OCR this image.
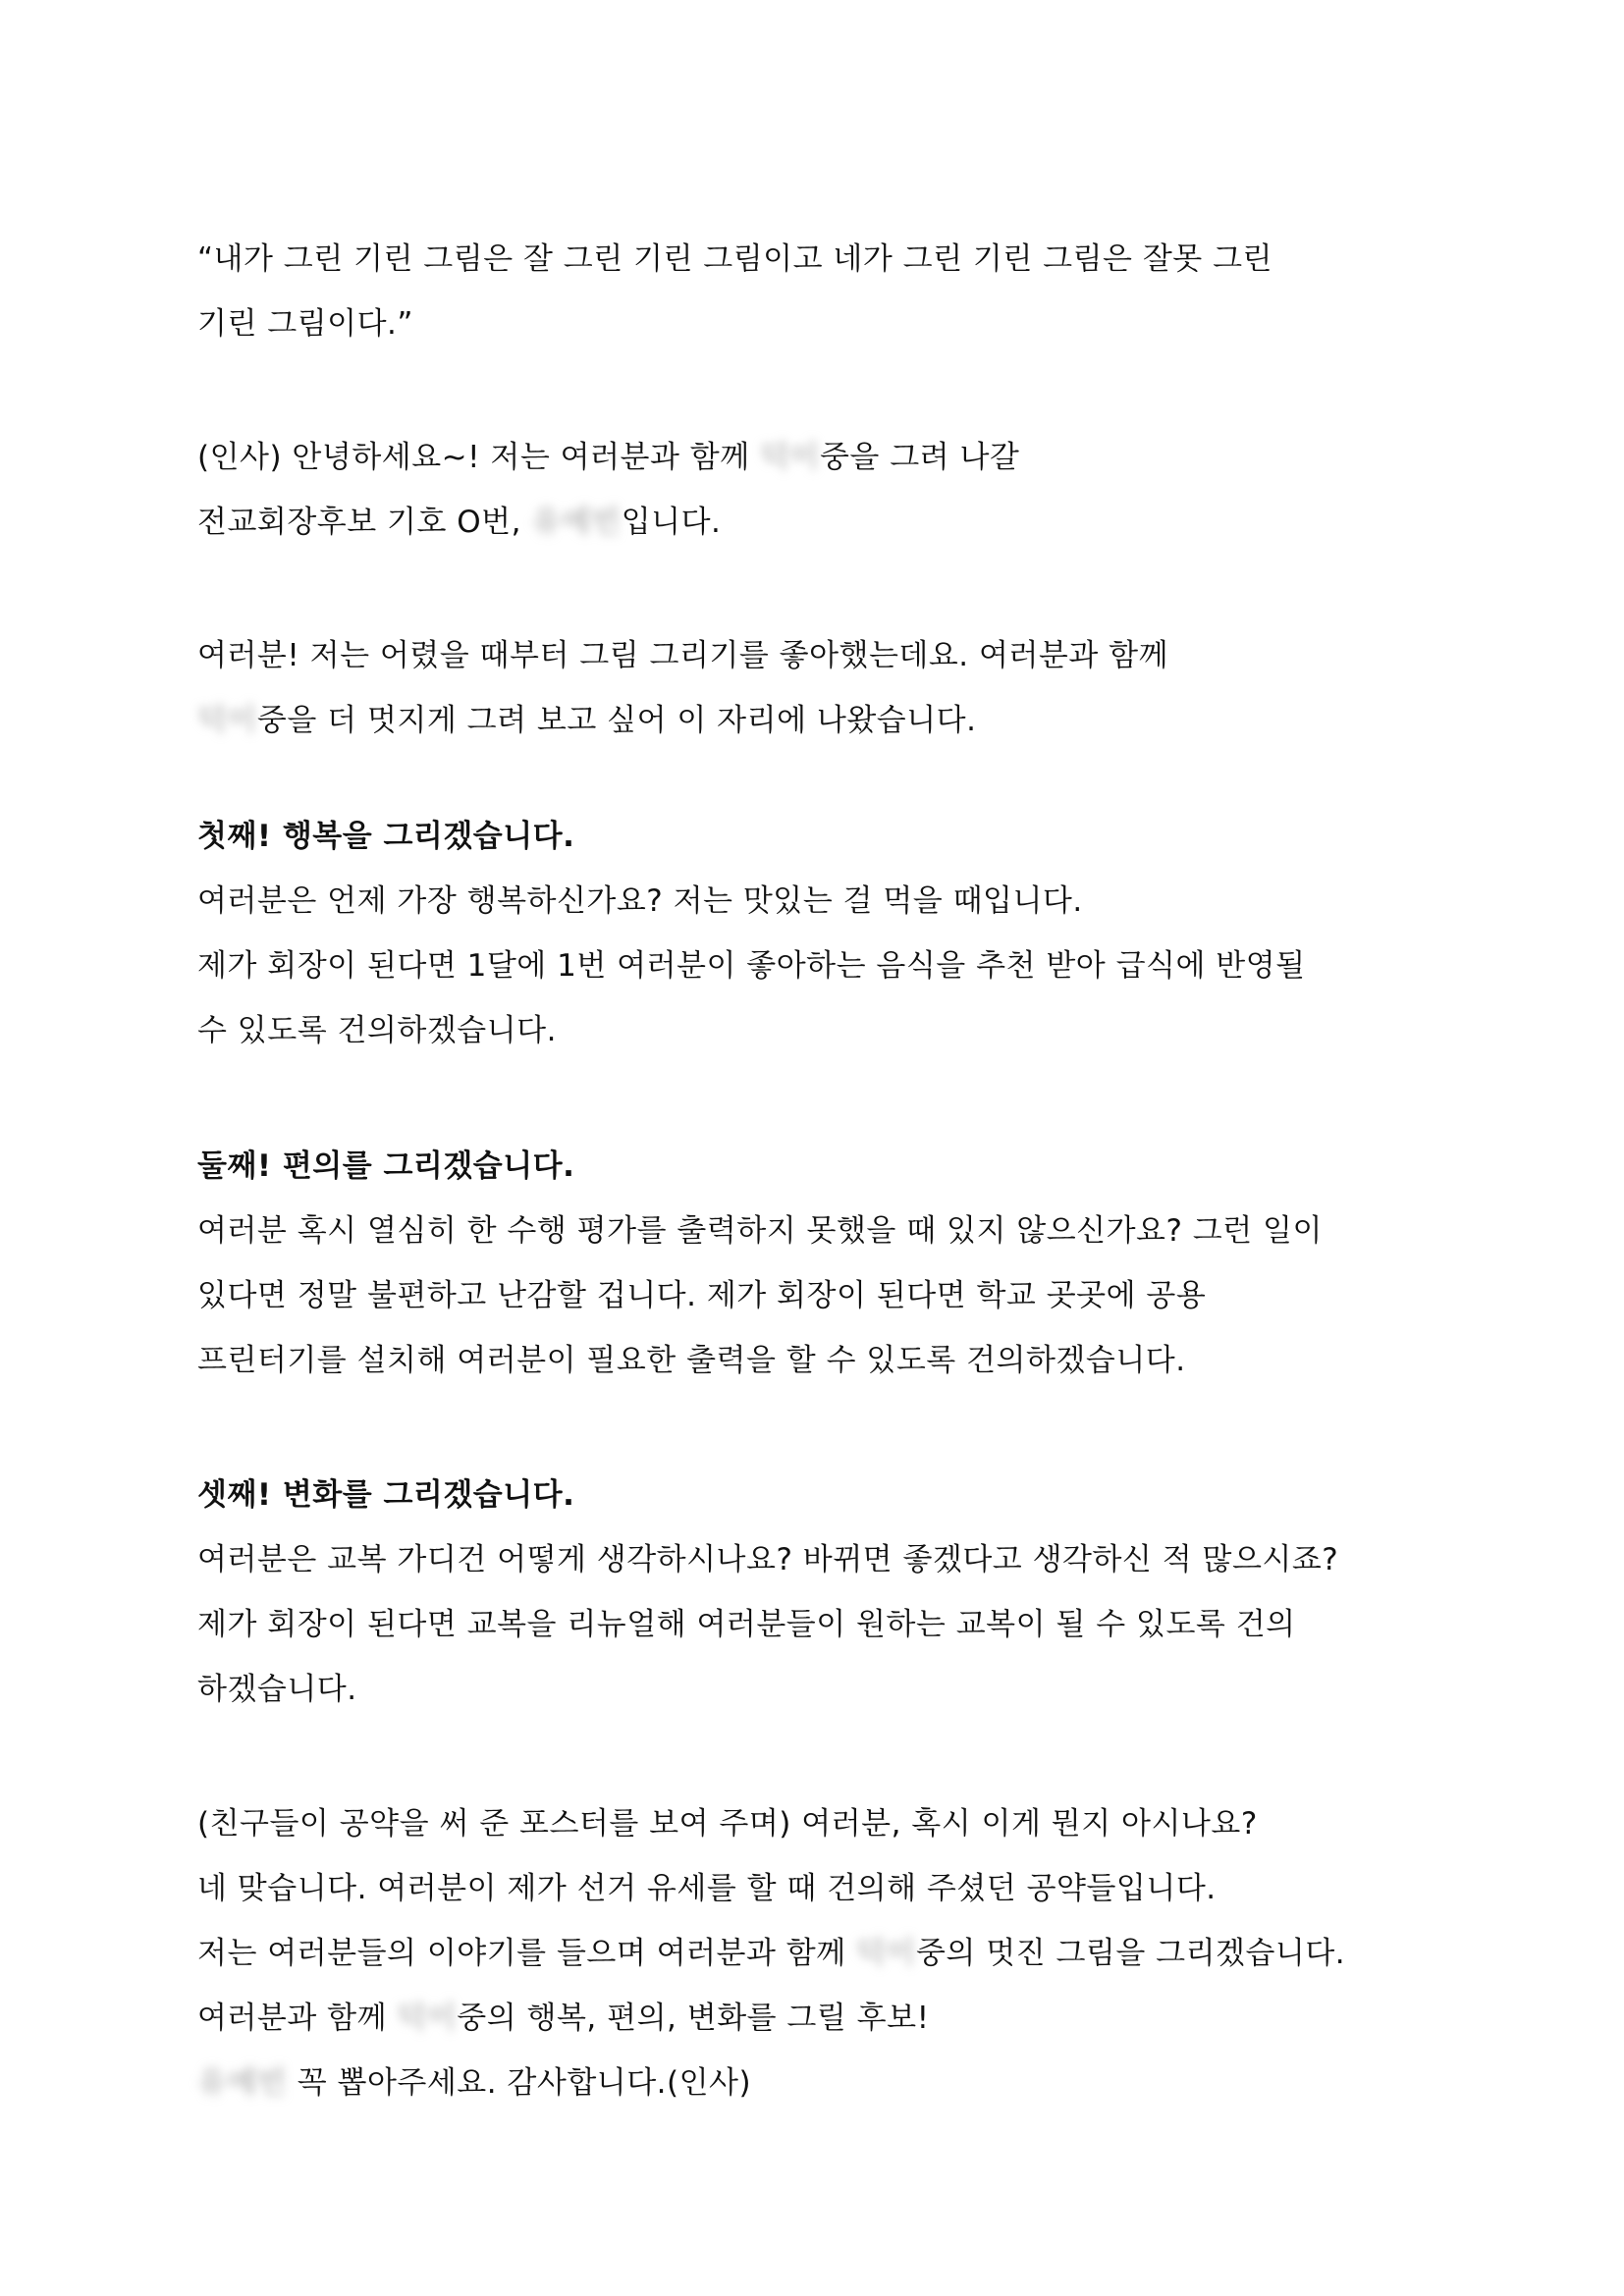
“내가 그린 기린 그림은 잘 그린 기린 그림이고 네가 그린 기린 그림은 잘못 그린

기린 그림이다.”

(인사) 안녕하세요~! 저는 여러분과 함께 덕이중을 그려 나갈

전교회장후보 기호 O번, 유예빈입니다.

여러분! 저는 어렸을 때부터 그림 그리기를 좋아했는데요. 여러분과 함께

덕이중을 더 멋지게 그려 보고 싶어 이 자리에 나왔습니다.

첫째! 행복을 그리겠습니다.

여러분은 언제 가장 행복하신가요? 저는 맛있는 걸 먹을 때입니다.

제가 회장이 된다면 1달에 1번 여러분이 좋아하는 음식을 추천 받아 급식에 반영될

수 있도록 건의하겠습니다.

둘째! 편의를 그리겠습니다.

여러분 혹시 열심히 한 수행 평가를 출력하지 못했을 때 있지 않으신가요? 그런 일이

있다면 정말 불편하고 난감할 겁니다. 제가 회장이 된다면 학교 곳곳에 공용

프린터기를 설치해 여러분이 필요한 출력을 할 수 있도록 건의하겠습니다.

셋째! 변화를 그리겠습니다.

여러분은 교복 가디건 어떻게 생각하시나요? 바뀌면 좋겠다고 생각하신 적 많으시죠?

제가 회장이 된다면 교복을 리뉴얼해 여러분들이 원하는 교복이 될 수 있도록 건의

하겠습니다.

(친구들이 공약을 써 준 포스터를 보여 주며) 여러분, 혹시 이게 뭔지 아시나요?

네 맞습니다. 여러분이 제가 선거 유세를 할 때 건의해 주셨던 공약들입니다.

저는 여러분들의 이야기를 들으며 여러분과 함께 덕이중의 멋진 그림을 그리겠습니다.

여러분과 함께 덕이중의 행복, 편의, 변화를 그릴 후보!

유예빈 꼭 뽑아주세요. 감사합니다.(인사)
